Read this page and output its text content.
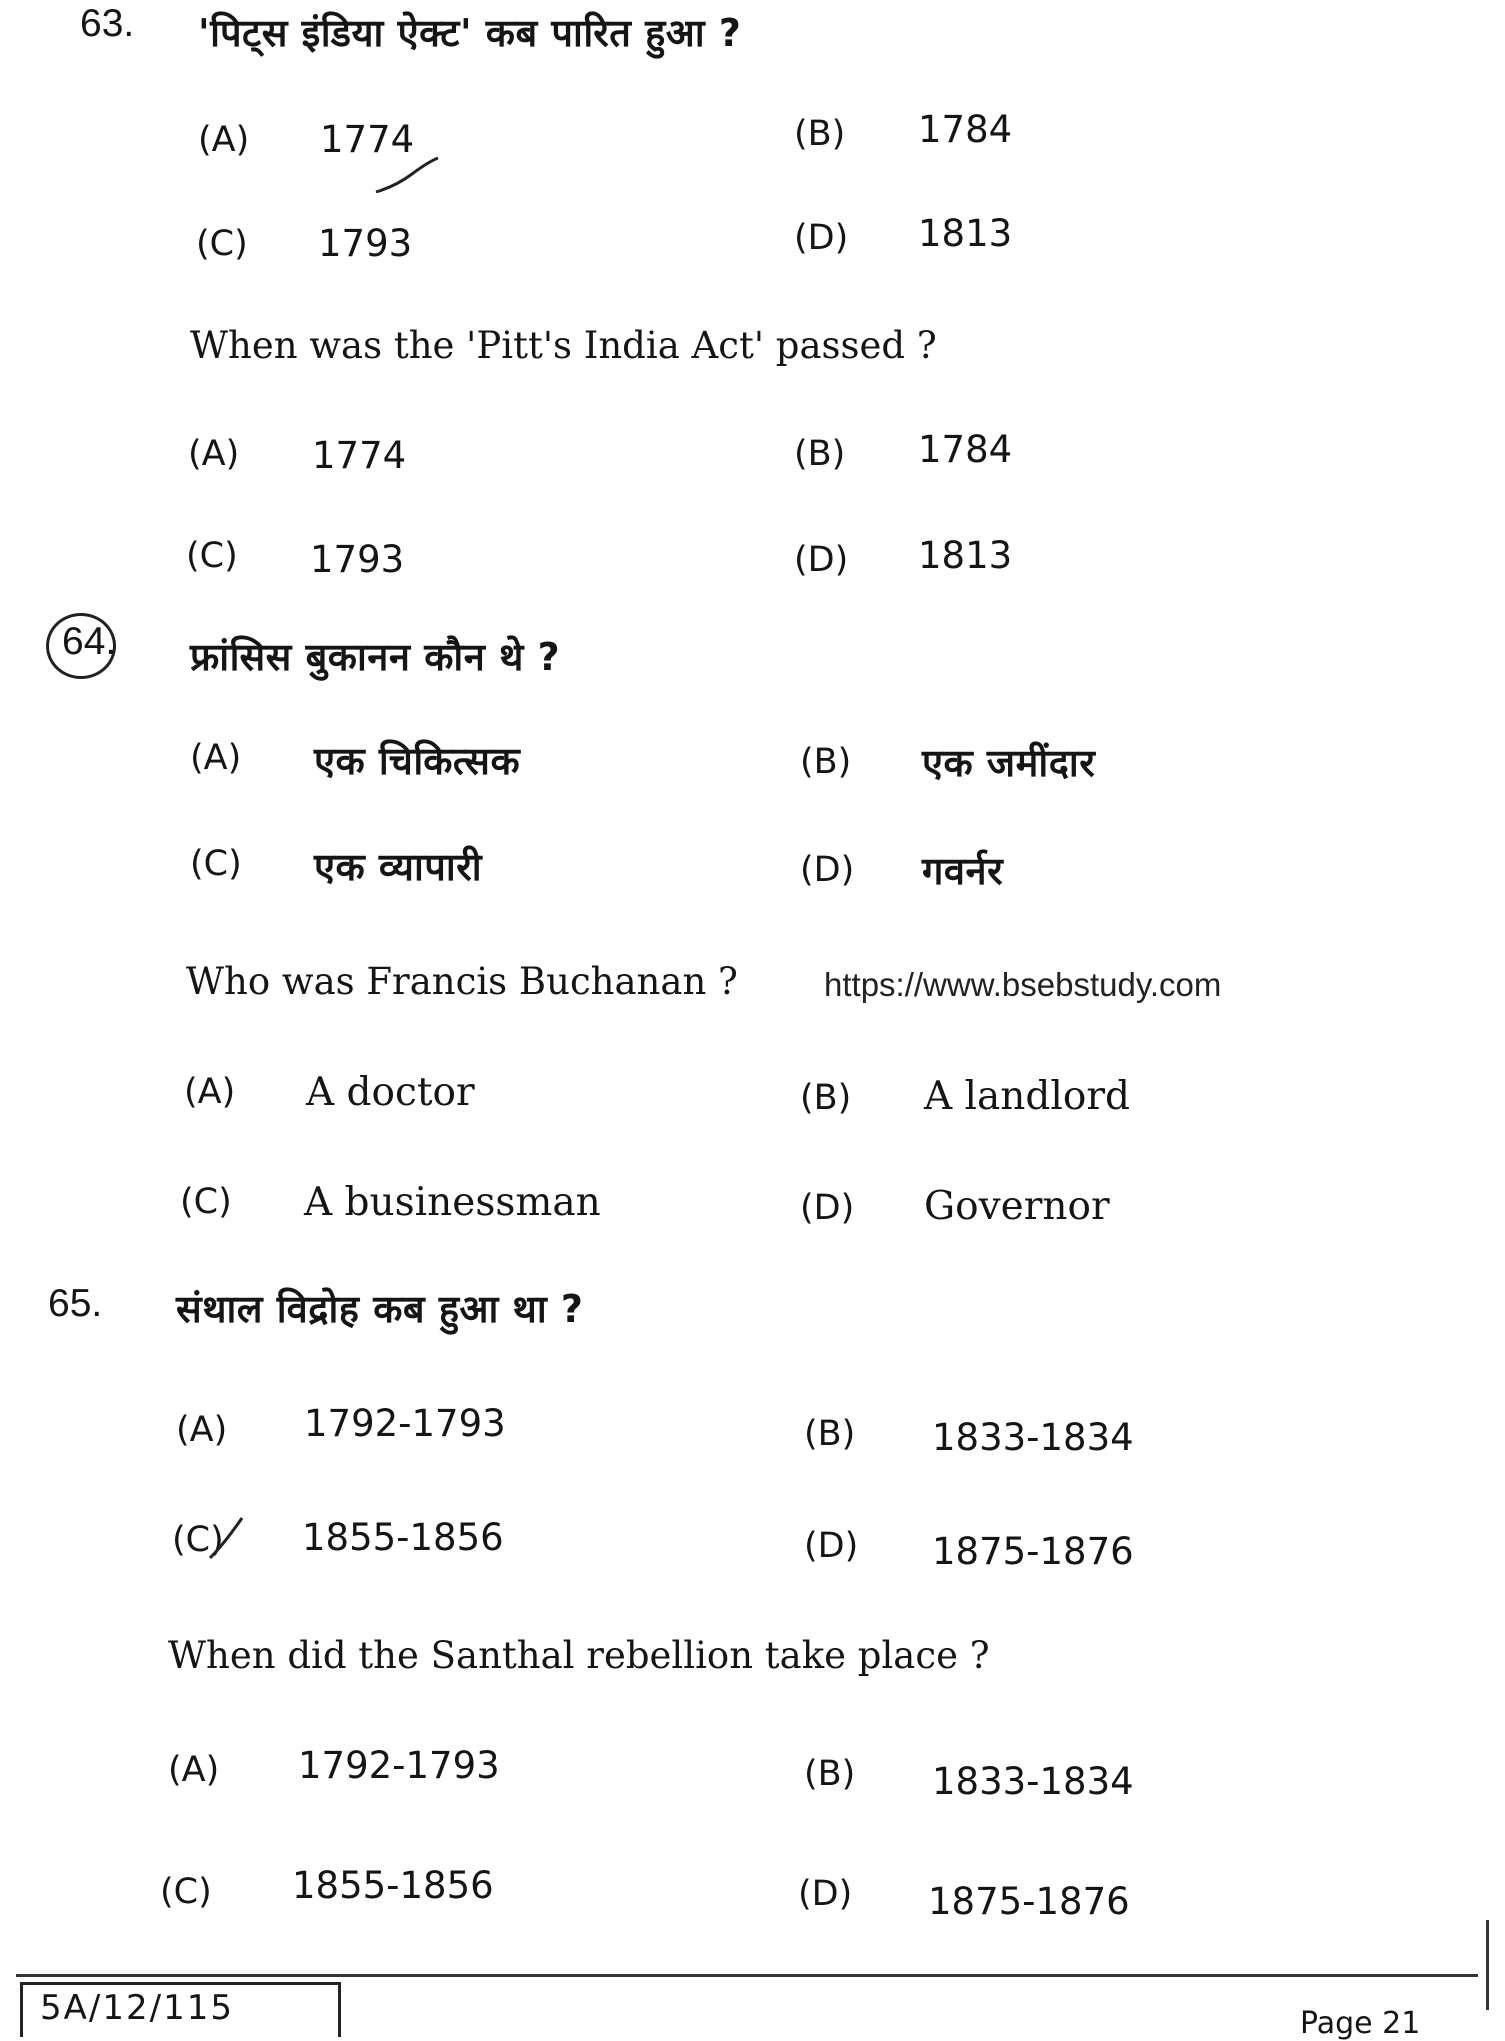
63. 'पिट्स इंडिया ऐक्ट' कब पारित हुआ ?
(A) 1774	(B) 1784
(C) 1793	(D) 1813
When was the 'Pitt's India Act' passed ?
(A) 1774	(B) 1784
(C) 1793	(D) 1813
64. फ्रांसिस बुकानन कौन थे ?
(A) एक चिकित्सक	(B) एक जमींदार
(C) एक व्यापारी	(D) गवर्नर
Who was Francis Buchanan ?	https://www.bsebstudy.com
(A) A doctor	(B) A landlord
(C) A businessman	(D) Governor
65. संथाल विद्रोह कब हुआ था ?
(A) 1792-1793	(B) 1833-1834
(C) 1855-1856	(D) 1875-1876
When did the Santhal rebellion take place ?
(A) 1792-1793	(B) 1833-1834
(C) 1855-1856	(D) 1875-1876
5A/12/115	Page 21
